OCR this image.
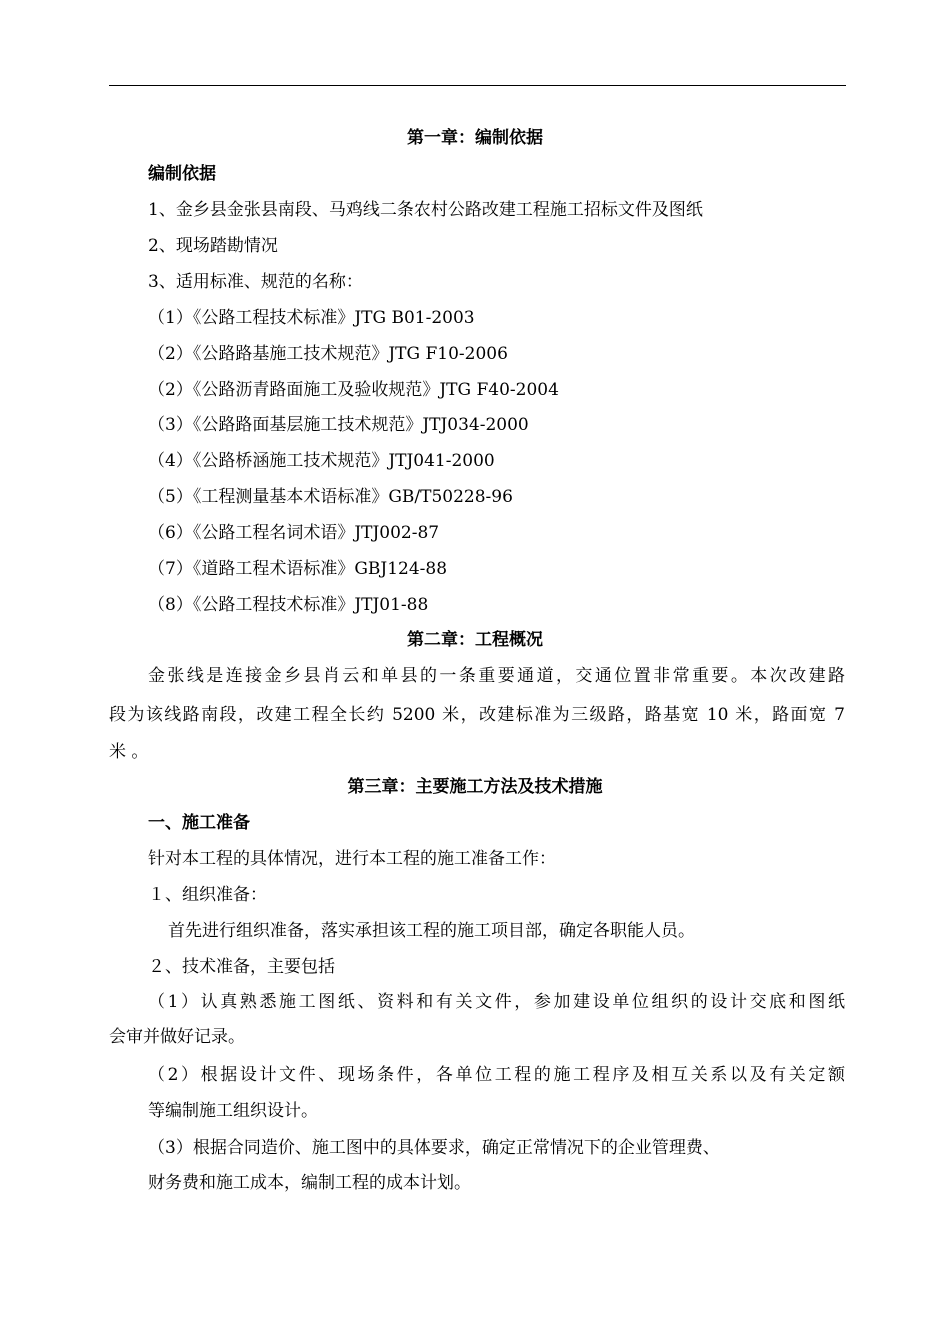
第一章：编制依据
编制依据
1、金乡县金张县南段、马鸡线二条农村公路改建工程施工招标文件及图纸
2、现场踏勘情况
3、适用标准、规范的名称：
（1）《公路工程技术标准》JTG B01-2003
（2）《公路路基施工技术规范》JTG F10-2006
（2）《公路沥青路面施工及验收规范》JTG F40-2004
（3）《公路路面基层施工技术规范》JTJ034-2000
（4）《公路桥涵施工技术规范》JTJ041-2000
（5）《工程测量基本术语标准》GB/T50228-96
（6）《公路工程名词术语》JTJ002-87
（7）《道路工程术语标准》GBJ124-88
（8）《公路工程技术标准》JTJ01-88
第二章：工程概况
金张线是连接金乡县肖云和单县的一条重要通道，交通位置非常重要。本次改建路
段为该线路南段，改建工程全长约 5200 米，改建标准为三级路，路基宽 10 米，路面宽 7
米 。
第三章：主要施工方法及技术措施
一、施工准备
针对本工程的具体情况，进行本工程的施工准备工作：
１、组织准备：
首先进行组织准备，落实承担该工程的施工项目部，确定各职能人员。
２、技术准备，主要包括
（1）认真熟悉施工图纸、资料和有关文件，参加建设单位组织的设计交底和图纸
会审并做好记录。
（2）根据设计文件、现场条件，各单位工程的施工程序及相互关系以及有关定额
等编制施工组织设计。
（3）根据合同造价、施工图中的具体要求，确定正常情况下的企业管理费、
财务费和施工成本，编制工程的成本计划。
